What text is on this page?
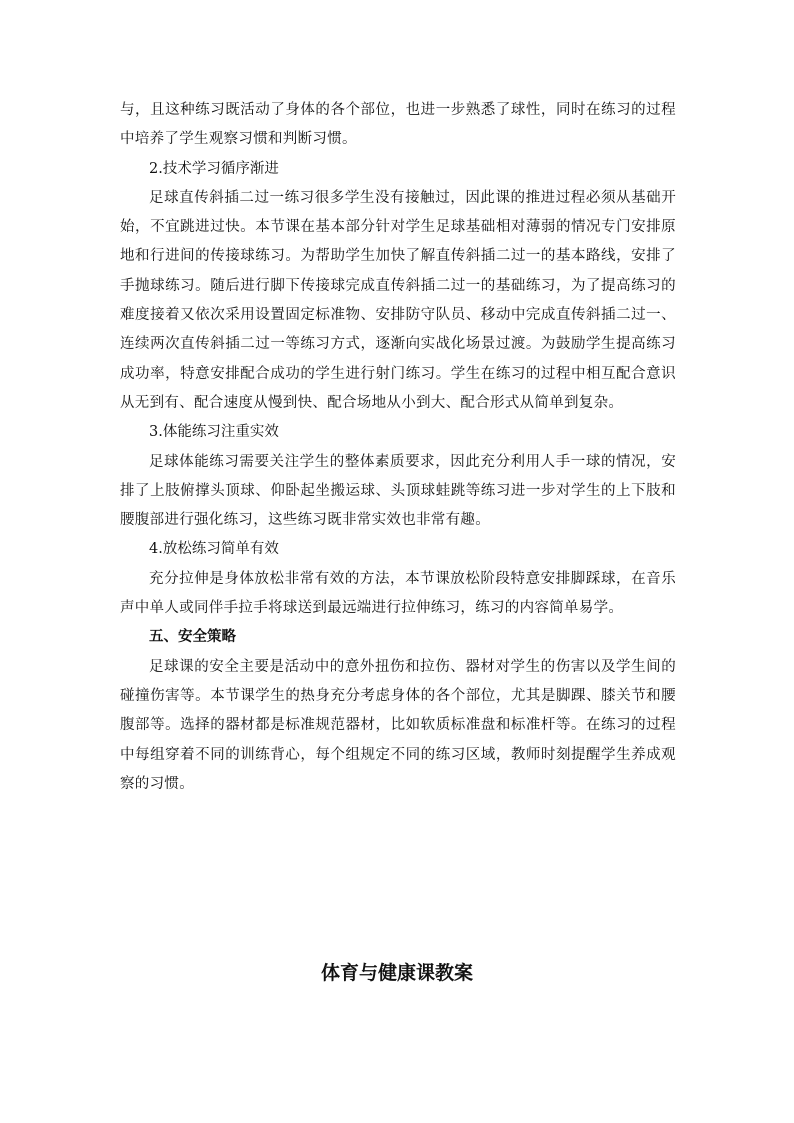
与，且这种练习既活动了身体的各个部位，也进一步熟悉了球性，同时在练习的过程中培养了学生观察习惯和判断习惯。

2.技术学习循序渐进

足球直传斜插二过一练习很多学生没有接触过，因此课的推进过程必须从基础开始，不宜跳进过快。本节课在基本部分针对学生足球基础相对薄弱的情况专门安排原地和行进间的传接球练习。为帮助学生加快了解直传斜插二过一的基本路线，安排了手抛球练习。随后进行脚下传接球完成直传斜插二过一的基础练习，为了提高练习的难度接着又依次采用设置固定标准物、安排防守队员、移动中完成直传斜插二过一、连续两次直传斜插二过一等练习方式，逐渐向实战化场景过渡。为鼓励学生提高练习成功率，特意安排配合成功的学生进行射门练习。学生在练习的过程中相互配合意识从无到有、配合速度从慢到快、配合场地从小到大、配合形式从简单到复杂。

3.体能练习注重实效

足球体能练习需要关注学生的整体素质要求，因此充分利用人手一球的情况，安排了上肢俯撑头顶球、仰卧起坐搬运球、头顶球蛙跳等练习进一步对学生的上下肢和腰腹部进行强化练习，这些练习既非常实效也非常有趣。

4.放松练习简单有效

充分拉伸是身体放松非常有效的方法，本节课放松阶段特意安排脚踩球，在音乐声中单人或同伴手拉手将球送到最远端进行拉伸练习，练习的内容简单易学。

五、安全策略

足球课的安全主要是活动中的意外扭伤和拉伤、器材对学生的伤害以及学生间的碰撞伤害等。本节课学生的热身充分考虑身体的各个部位，尤其是脚踝、膝关节和腰腹部等。选择的器材都是标准规范器材，比如软质标准盘和标准杆等。在练习的过程中每组穿着不同的训练背心，每个组规定不同的练习区域，教师时刻提醒学生养成观察的习惯。

体育与健康课教案
